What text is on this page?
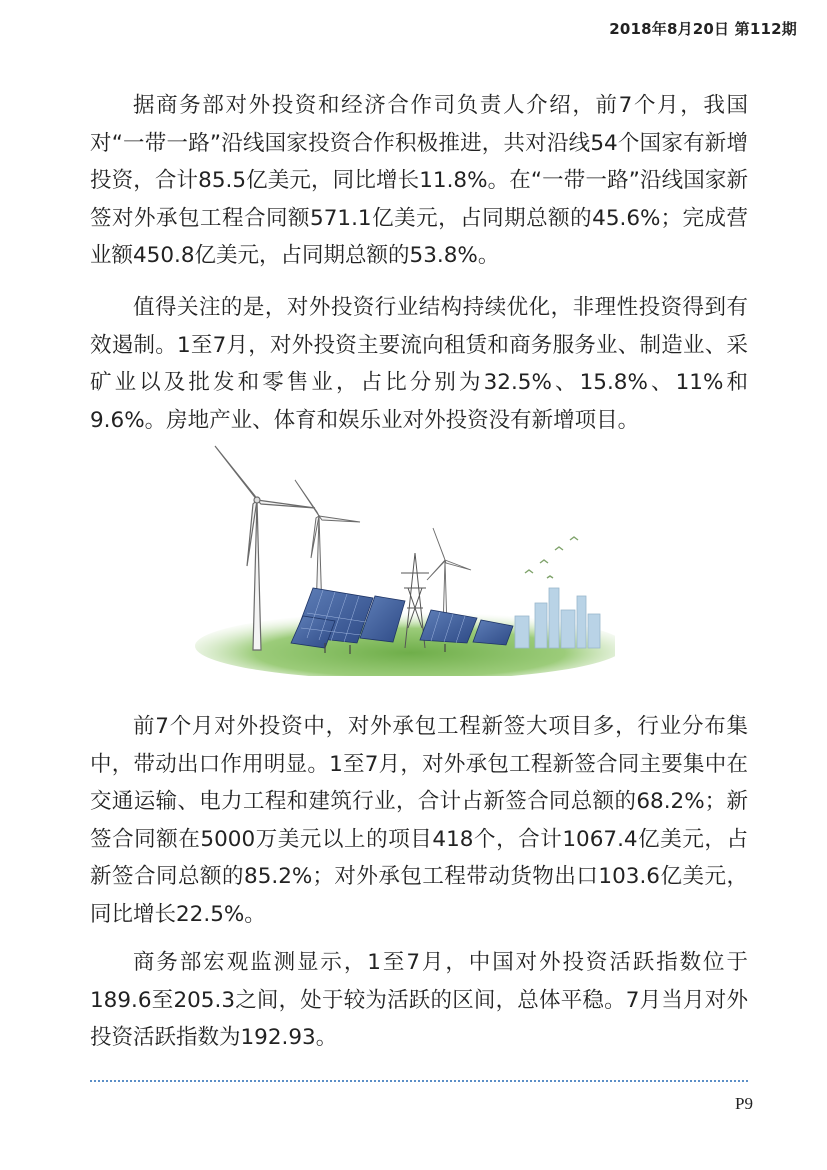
2018年8月20日 第112期

据商务部对外投资和经济合作司负责人介绍，前7个月，我国对“一带一路”沿线国家投资合作积极推进，共对沿线54个国家有新增投资，合计85.5亿美元，同比增长11.8%。在“一带一路”沿线国家新签对外承包工程合同额571.1亿美元，占同期总额的45.6%；完成营业额450.8亿美元，占同期总额的53.8%。

值得关注的是，对外投资行业结构持续优化，非理性投资得到有效遏制。1至7月，对外投资主要流向租赁和商务服务业、制造业、采矿业以及批发和零售业，占比分别为32.5%、15.8%、11%和9.6%。房地产业、体育和娱乐业对外投资没有新增项目。

前7个月对外投资中，对外承包工程新签大项目多，行业分布集中，带动出口作用明显。1至7月，对外承包工程新签合同主要集中在交通运输、电力工程和建筑行业，合计占新签合同总额的68.2%；新签合同额在5000万美元以上的项目418个，合计1067.4亿美元，占新签合同总额的85.2%；对外承包工程带动货物出口103.6亿美元，同比增长22.5%。

商务部宏观监测显示，1至7月，中国对外投资活跃指数位于189.6至205.3之间，处于较为活跃的区间，总体平稳。7月当月对外投资活跃指数为192.93。

P9
